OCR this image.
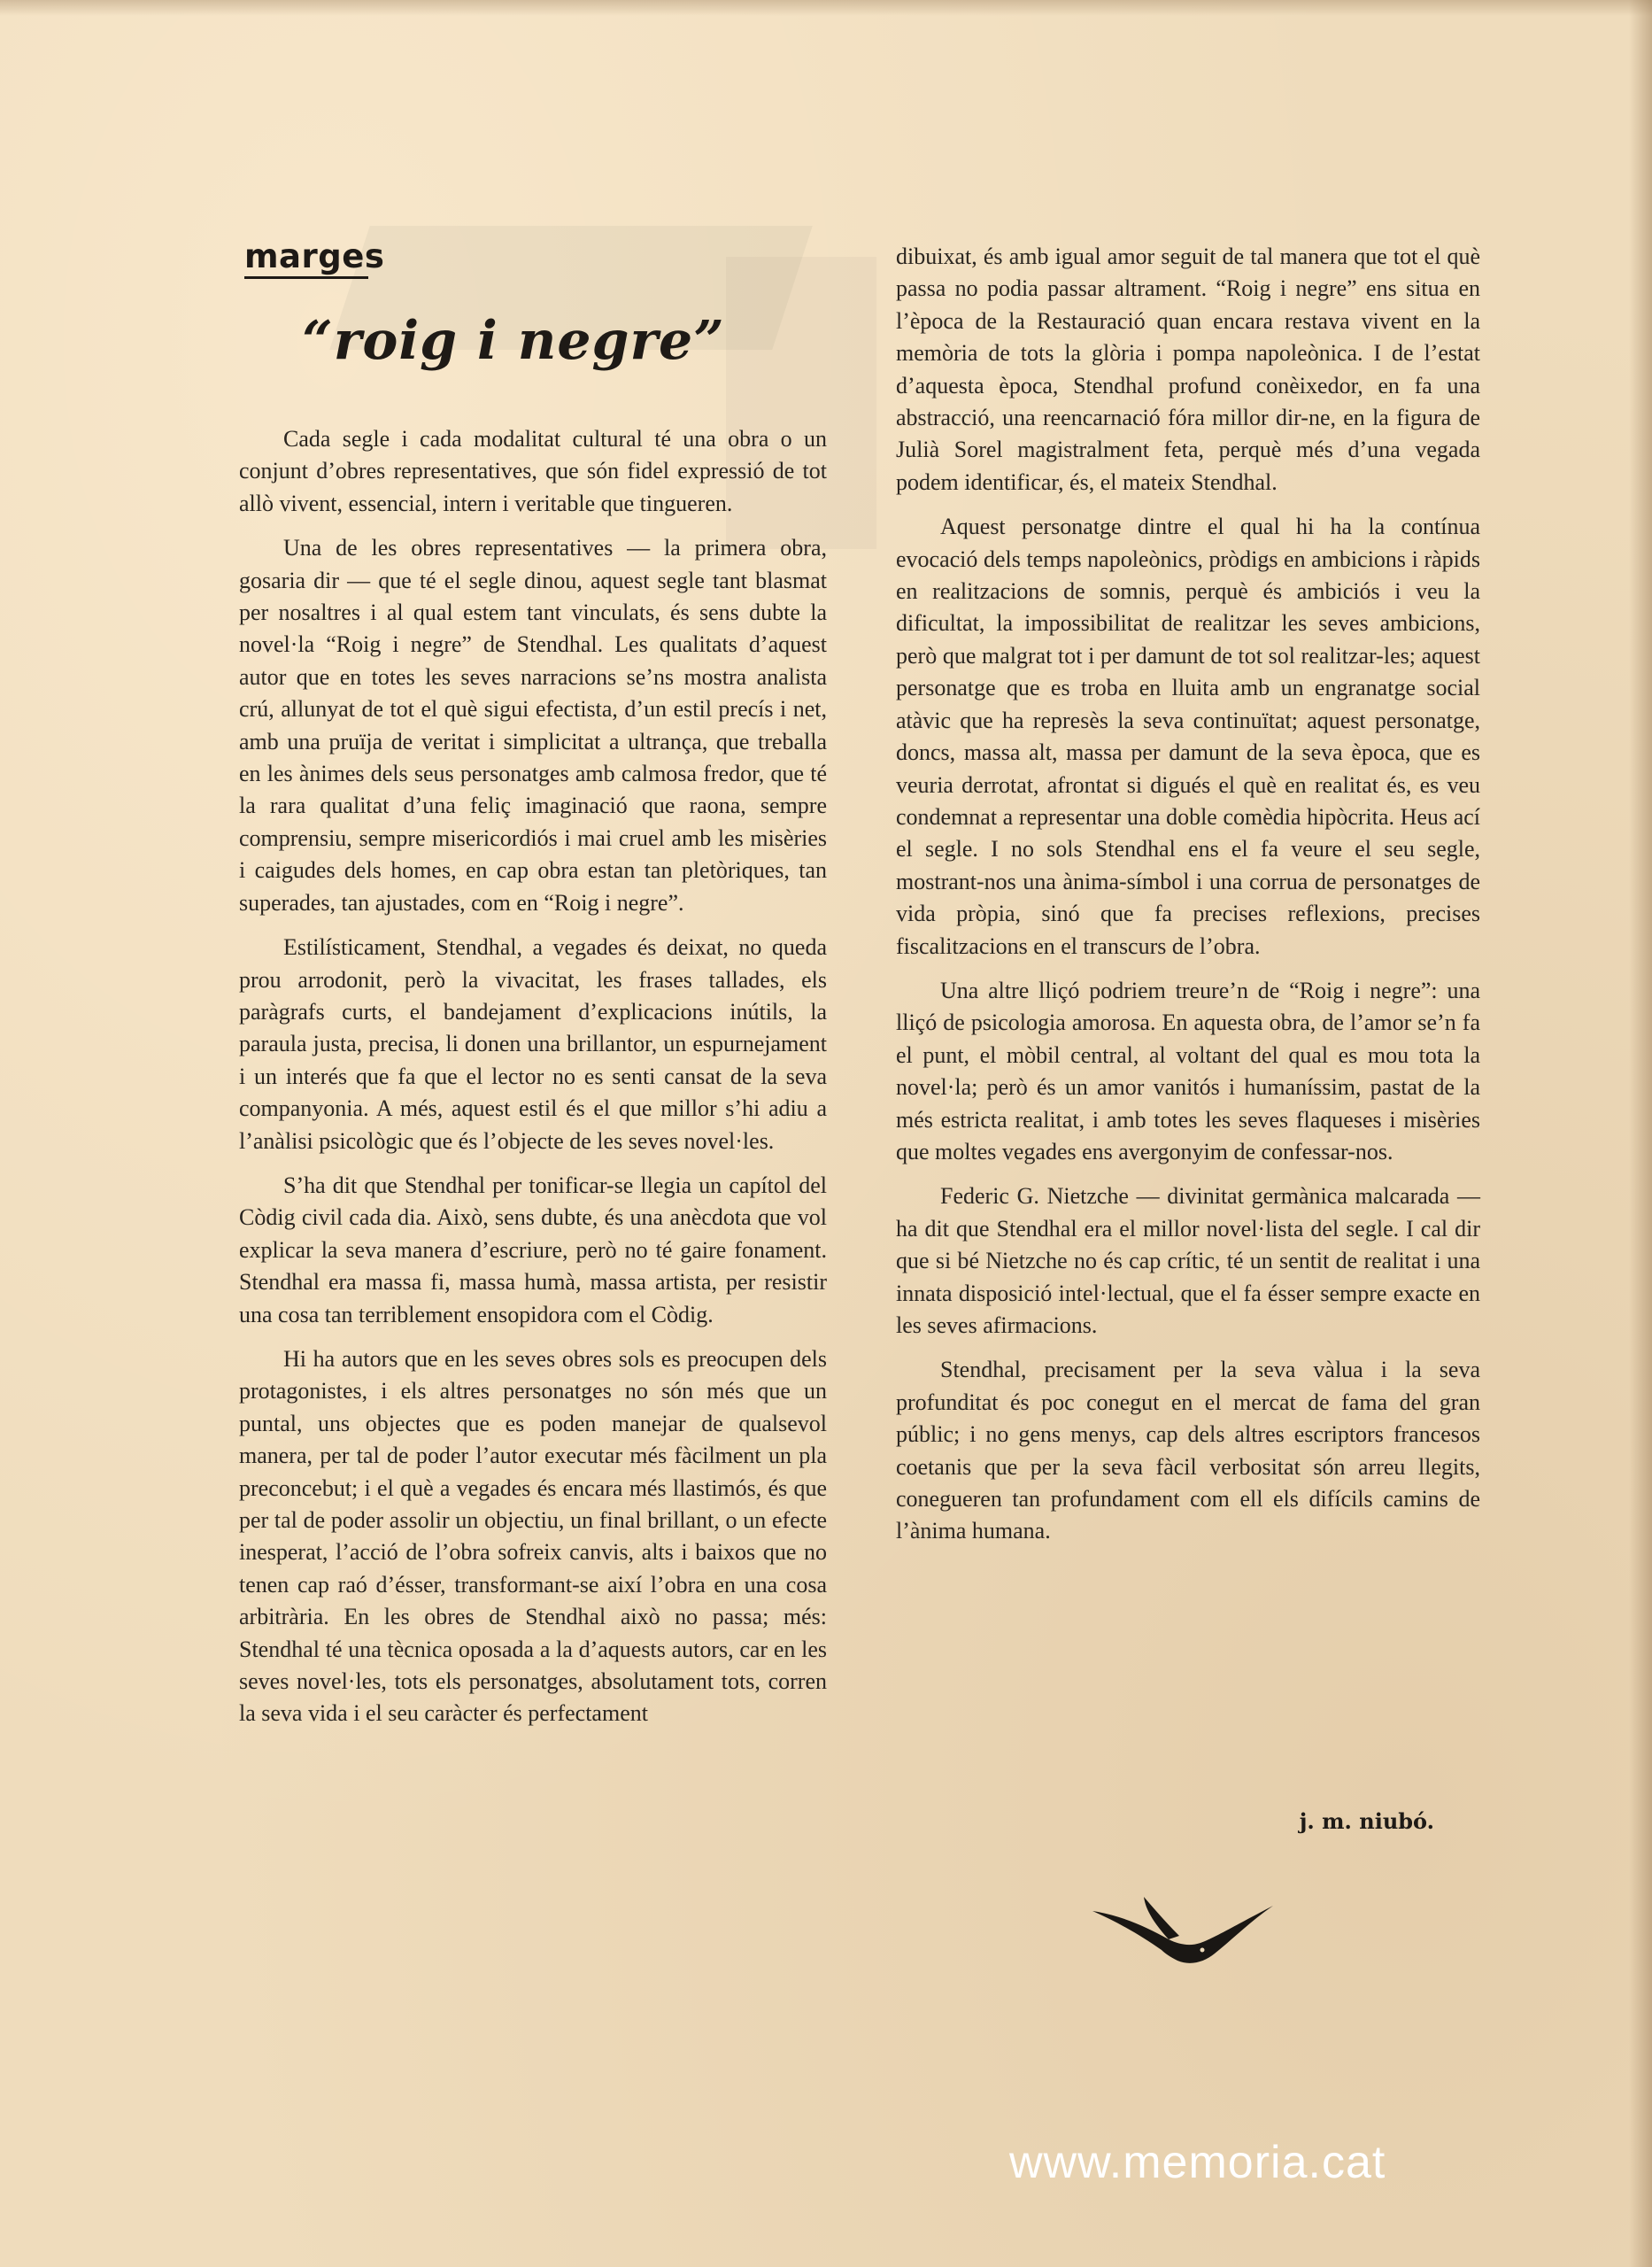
marges
“roig i negre”

Cada segle i cada modalitat cultural té una obra o un conjunt d’obres representatives, que són fidel expressió de tot allò vivent, essencial, intern i veritable que tingueren.

Una de les obres representatives — la primera obra, gosaria dir — que té el segle dinou, aquest segle tant blasmat per nosaltres i al qual estem tant vinculats, és sens dubte la novel·la “Roig i negre” de Stendhal. Les qualitats d’aquest autor que en totes les seves narracions se’ns mostra analista crú, allunyat de tot el què sigui efectista, d’un estil precís i net, amb una pruïja de veritat i simplicitat a ultrança, que treballa en les ànimes dels seus personatges amb calmosa fredor, que té la rara qualitat d’una feliç imaginació que raona, sempre comprensiu, sempre misericordiós i mai cruel amb les misèries i caigudes dels homes, en cap obra estan tan pletòriques, tan superades, tan ajustades, com en “Roig i negre”.

Estilísticament, Stendhal, a vegades és deixat, no queda prou arrodonit, però la vivacitat, les frases tallades, els paràgrafs curts, el bandejament d’explicacions inútils, la paraula justa, precisa, li donen una brillantor, un espurnejament i un interés que fa que el lector no es senti cansat de la seva companyonia. A més, aquest estil és el que millor s’hi adiu a l’anàlisi psicològic que és l’objecte de les seves novel·les.

S’ha dit que Stendhal per tonificar-se llegia un capítol del Còdig civil cada dia. Això, sens dubte, és una anècdota que vol explicar la seva manera d’escriure, però no té gaire fonament. Stendhal era massa fi, massa humà, massa artista, per resistir una cosa tan terriblement ensopidora com el Còdig.

Hi ha autors que en les seves obres sols es preocupen dels protagonistes, i els altres personatges no són més que un puntal, uns objectes que es poden manejar de qualsevol manera, per tal de poder l’autor executar més fàcilment un pla preconcebut; i el què a vegades és encara més llastimós, és que per tal de poder assolir un objectiu, un final brillant, o un efecte inesperat, l’acció de l’obra sofreix canvis, alts i baixos que no tenen cap raó d’ésser, transformant-se així l’obra en una cosa arbitrària. En les obres de Stendhal això no passa; més: Stendhal té una tècnica oposada a la d’aquests autors, car en les seves novel·les, tots els personatges, absolutament tots, corren la seva vida i el seu caràcter és perfectament

dibuixat, és amb igual amor seguit de tal manera que tot el què passa no podia passar altrament. “Roig i negre” ens situa en l’època de la Restauració quan encara restava vivent en la memòria de tots la glòria i pompa napoleònica. I de l’estat d’aquesta època, Stendhal profund conèixedor, en fa una abstracció, una reencarnació fóra millor dir-ne, en la figura de Julià Sorel magistralment feta, perquè més d’una vegada podem identificar, és, el mateix Stendhal.

Aquest personatge dintre el qual hi ha la contínua evocació dels temps napoleònics, pròdigs en ambicions i ràpids en realitzacions de somnis, perquè és ambiciós i veu la dificultat, la impossibilitat de realitzar les seves ambicions, però que malgrat tot i per damunt de tot sol realitzar-les; aquest personatge que es troba en lluita amb un engranatge social atàvic que ha represès la seva continuïtat; aquest personatge, doncs, massa alt, massa per damunt de la seva època, que es veuria derrotat, afrontat si digués el què en realitat és, es veu condemnat a representar una doble comèdia hipòcrita. Heus ací el segle. I no sols Stendhal ens el fa veure el seu segle, mostrant-nos una ànima-símbol i una corrua de personatges de vida pròpia, sinó que fa precises reflexions, precises fiscalitzacions en el transcurs de l’obra.

Una altre lliçó podriem treure’n de “Roig i negre”: una lliçó de psicologia amorosa. En aquesta obra, de l’amor se’n fa el punt, el mòbil central, al voltant del qual es mou tota la novel·la; però és un amor vanitós i humaníssim, pastat de la més estricta realitat, i amb totes les seves flaqueses i misèries que moltes vegades ens avergonyim de confessar-nos.

Federic G. Nietzche — divinitat germànica malcarada — ha dit que Stendhal era el millor novel·lista del segle. I cal dir que si bé Nietzche no és cap crític, té un sentit de realitat i una innata disposició intel·lectual, que el fa ésser sempre exacte en les seves afirmacions.

Stendhal, precisament per la seva vàlua i la seva profunditat és poc conegut en el mercat de fama del gran públic; i no gens menys, cap dels altres escriptors francesos coetanis que per la seva fàcil verbositat són arreu llegits, conegueren tan profundament com ell els difícils camins de l’ànima humana.

j. m. niubó.
www.memoria.cat
